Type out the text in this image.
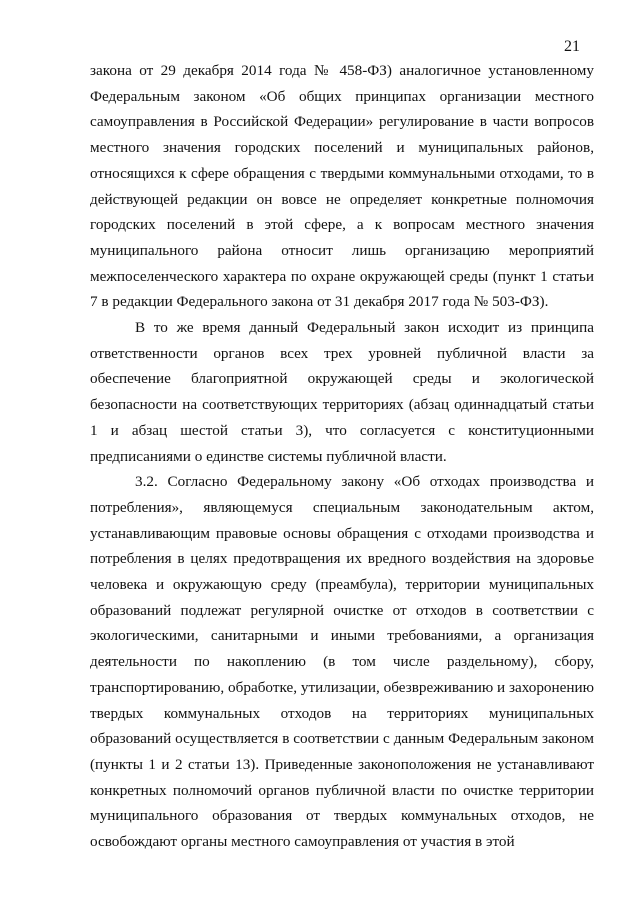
21

закона от 29 декабря 2014 года № 458-ФЗ) аналогичное установленному Федеральным законом «Об общих принципах организации местного самоуправления в Российской Федерации» регулирование в части вопросов местного значения городских поселений и муниципальных районов, относящихся к сфере обращения с твердыми коммунальными отходами, то в действующей редакции он вовсе не определяет конкретные полномочия городских поселений в этой сфере, а к вопросам местного значения муниципального района относит лишь организацию мероприятий межпоселенческого характера по охране окружающей среды (пункт 1 статьи 7 в редакции Федерального закона от 31 декабря 2017 года № 503-ФЗ).

В то же время данный Федеральный закон исходит из принципа ответственности органов всех трех уровней публичной власти за обеспечение благоприятной окружающей среды и экологической безопасности на соответствующих территориях (абзац одиннадцатый статьи 1 и абзац шестой статьи 3), что согласуется с конституционными предписаниями о единстве системы публичной власти.

3.2. Согласно Федеральному закону «Об отходах производства и потребления», являющемуся специальным законодательным актом, устанавливающим правовые основы обращения с отходами производства и потребления в целях предотвращения их вредного воздействия на здоровье человека и окружающую среду (преамбула), территории муниципальных образований подлежат регулярной очистке от отходов в соответствии с экологическими, санитарными и иными требованиями, а организация деятельности по накоплению (в том числе раздельному), сбору, транспортированию, обработке, утилизации, обезвреживанию и захоронению твердых коммунальных отходов на территориях муниципальных образований осуществляется в соответствии с данным Федеральным законом (пункты 1 и 2 статьи 13). Приведенные законоположения не устанавливают конкретных полномочий органов публичной власти по очистке территории муниципального образования от твердых коммунальных отходов, не освобождают органы местного самоуправления от участия в этой
